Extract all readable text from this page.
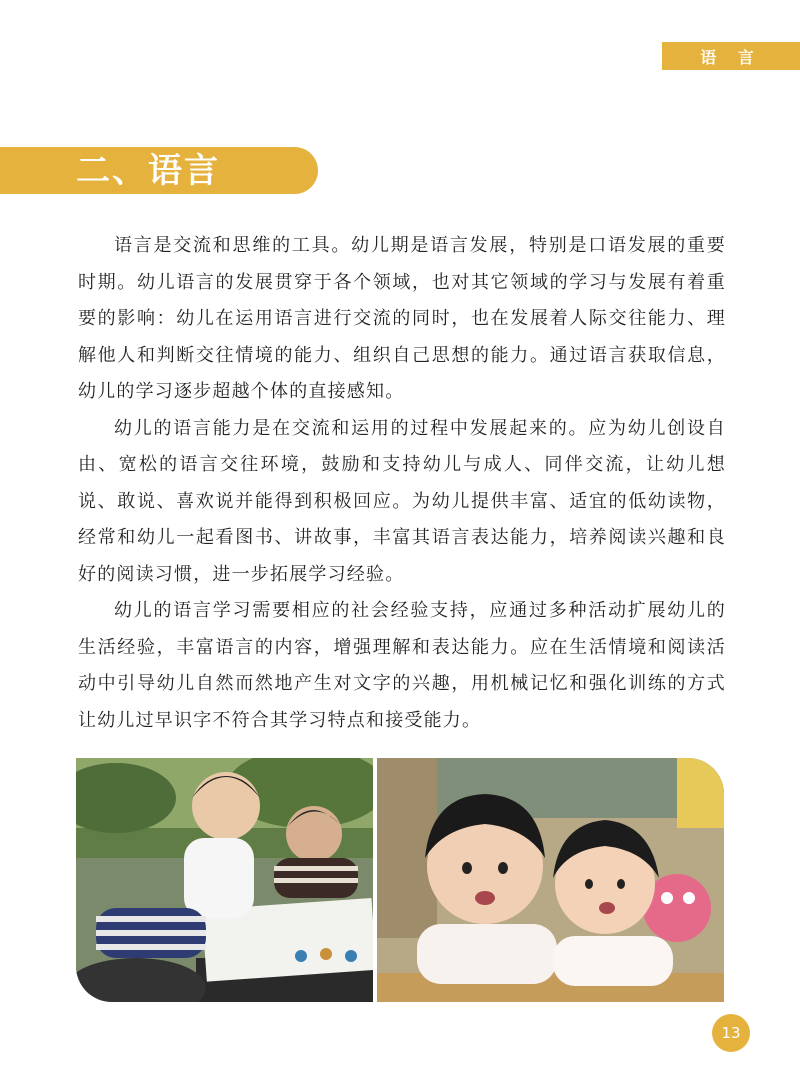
语 言
二、语言

语言是交流和思维的工具。幼儿期是语言发展，特别是口语发展的重要时期。幼儿语言的发展贯穿于各个领域，也对其它领域的学习与发展有着重要的影响：幼儿在运用语言进行交流的同时，也在发展着人际交往能力、理解他人和判断交往情境的能力、组织自己思想的能力。通过语言获取信息，幼儿的学习逐步超越个体的直接感知。

幼儿的语言能力是在交流和运用的过程中发展起来的。应为幼儿创设自由、宽松的语言交往环境，鼓励和支持幼儿与成人、同伴交流，让幼儿想说、敢说、喜欢说并能得到积极回应。为幼儿提供丰富、适宜的低幼读物，经常和幼儿一起看图书、讲故事，丰富其语言表达能力，培养阅读兴趣和良好的阅读习惯，进一步拓展学习经验。

幼儿的语言学习需要相应的社会经验支持，应通过多种活动扩展幼儿的生活经验，丰富语言的内容，增强理解和表达能力。应在生活情境和阅读活动中引导幼儿自然而然地产生对文字的兴趣，用机械记忆和强化训练的方式让幼儿过早识字不符合其学习特点和接受能力。

13
